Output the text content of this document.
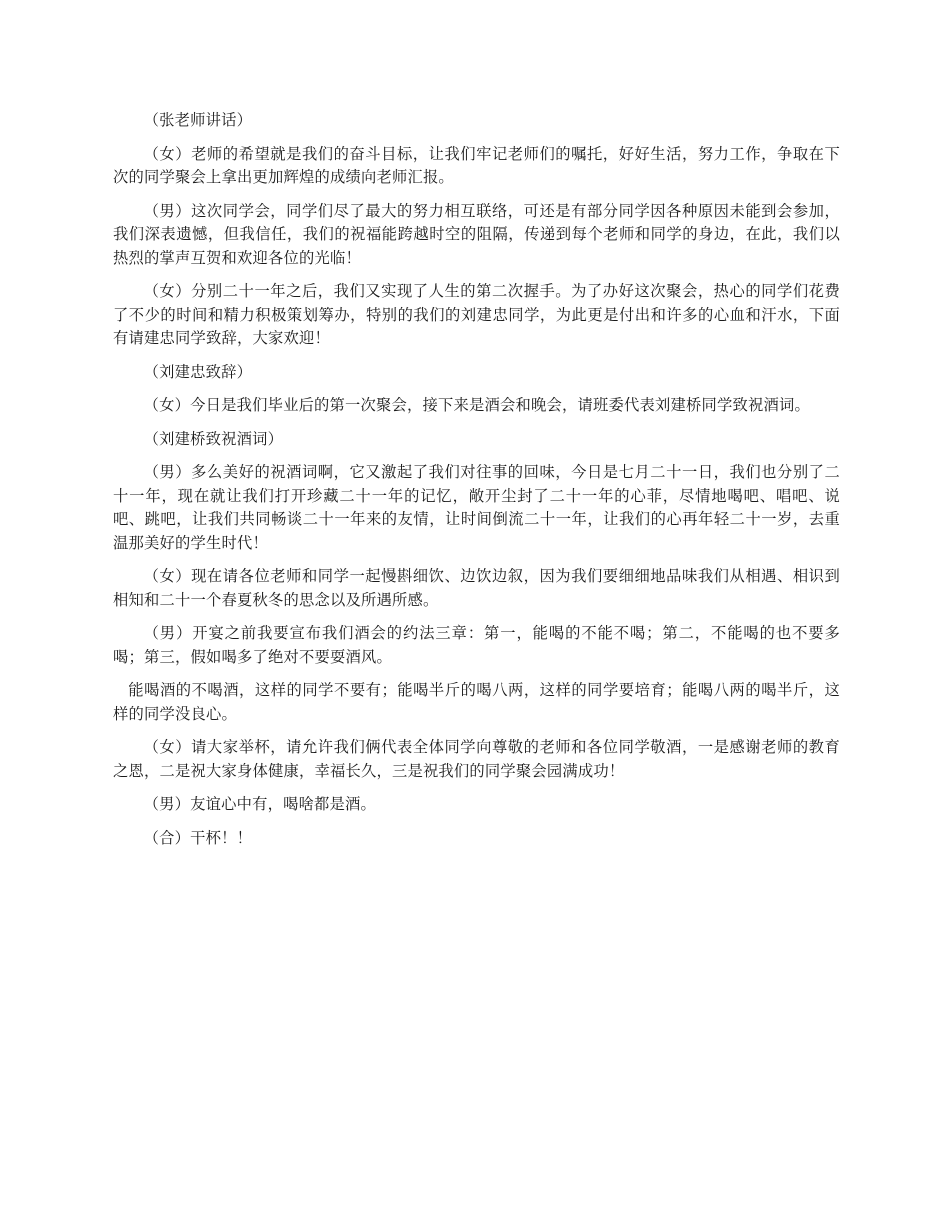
（张老师讲话）

（女）老师的希望就是我们的奋斗目标，让我们牢记老师们的嘱托，好好生活，努力工作，争取在下次的同学聚会上拿出更加辉煌的成绩向老师汇报。

（男）这次同学会，同学们尽了最大的努力相互联络，可还是有部分同学因各种原因未能到会参加，我们深表遗憾，但我信任，我们的祝福能跨越时空的阻隔，传递到每个老师和同学的身边，在此，我们以热烈的掌声互贺和欢迎各位的光临！

（女）分别二十一年之后，我们又实现了人生的第二次握手。为了办好这次聚会，热心的同学们花费了不少的时间和精力积极策划筹办，特别的我们的刘建忠同学，为此更是付出和许多的心血和汗水，下面有请建忠同学致辞，大家欢迎！

（刘建忠致辞）

（女）今日是我们毕业后的第一次聚会，接下来是酒会和晚会，请班委代表刘建桥同学致祝酒词。

（刘建桥致祝酒词）

（男）多么美好的祝酒词啊，它又激起了我们对往事的回味，今日是七月二十一日，我们也分别了二十一年，现在就让我们打开珍藏二十一年的记忆，敞开尘封了二十一年的心菲，尽情地喝吧、唱吧、说吧、跳吧，让我们共同畅谈二十一年来的友情，让时间倒流二十一年，让我们的心再年轻二十一岁，去重温那美好的学生时代！

（女）现在请各位老师和同学一起慢斟细饮、边饮边叙，因为我们要细细地品味我们从相遇、相识到相知和二十一个春夏秋冬的思念以及所遇所感。

（男）开宴之前我要宣布我们酒会的约法三章：第一，能喝的不能不喝；第二，不能喝的也不要多喝；第三，假如喝多了绝对不要耍酒风。

能喝酒的不喝酒，这样的同学不要有；能喝半斤的喝八两，这样的同学要培育；能喝八两的喝半斤，这样的同学没良心。

（女）请大家举杯，请允许我们俩代表全体同学向尊敬的老师和各位同学敬酒，一是感谢老师的教育之恩，二是祝大家身体健康，幸福长久，三是祝我们的同学聚会园满成功！

（男）友谊心中有，喝啥都是酒。

（合）干杯！！
